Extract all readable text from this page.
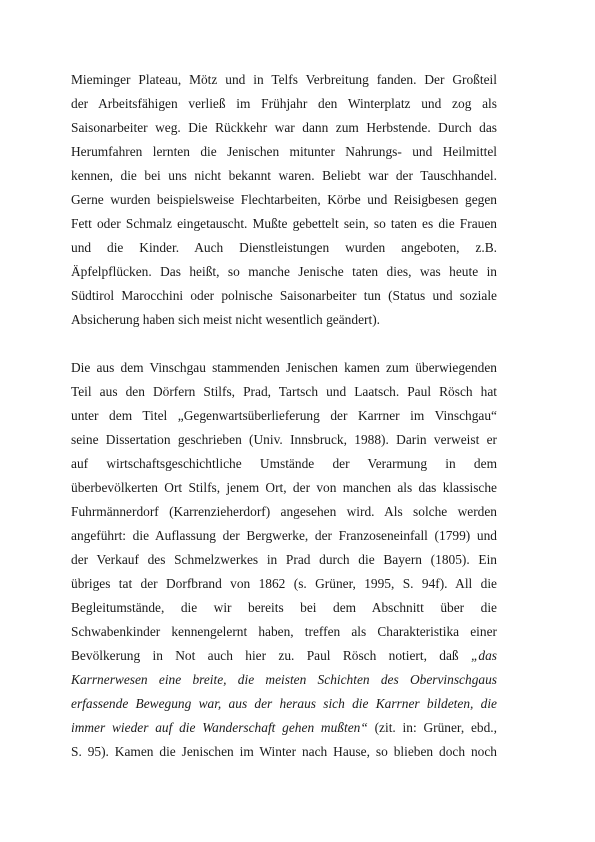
Mieminger Plateau, Mötz und in Telfs Verbreitung fanden. Der Großteil
der Arbeitsfähigen verließ im Frühjahr den Winterplatz und zog als
Saisonarbeiter weg. Die Rückkehr war dann zum Herbstende. Durch das
Herumfahren lernten die Jenischen mitunter Nahrungs- und Heilmittel
kennen, die bei uns nicht bekannt waren. Beliebt war der Tauschhandel.
Gerne wurden beispielsweise Flechtarbeiten, Körbe und Reisigbesen gegen
Fett oder Schmalz eingetauscht. Mußte gebettelt sein, so taten es die Frauen
und die Kinder. Auch Dienstleistungen wurden angeboten, z.B.
Äpfelpflücken. Das heißt, so manche Jenische taten dies, was heute in
Südtirol Marocchini oder polnische Saisonarbeiter tun (Status und soziale
Absicherung haben sich meist nicht wesentlich geändert).
Die aus dem Vinschgau stammenden Jenischen kamen zum überwiegenden
Teil aus den Dörfern Stilfs, Prad, Tartsch und Laatsch. Paul Rösch hat
unter dem Titel „Gegenwartsüberlieferung der Karrner im Vinschgau“
seine Dissertation geschrieben (Univ. Innsbruck, 1988). Darin verweist er
auf wirtschaftsgeschichtliche Umstände der Verarmung in dem
überbevölkerten Ort Stilfs, jenem Ort, der von manchen als das klassische
Fuhrmännerdorf (Karrenzieherdorf) angesehen wird. Als solche werden
angeführt: die Auflassung der Bergwerke, der Franzoseneinfall (1799) und
der Verkauf des Schmelzwerkes in Prad durch die Bayern (1805). Ein
übriges tat der Dorfbrand von 1862 (s. Grüner, 1995, S. 94f). All die
Begleitumstände, die wir bereits bei dem Abschnitt über die
Schwabenkinder kennengelernt haben, treffen als Charakteristika einer
Bevölkerung in Not auch hier zu. Paul Rösch notiert, daß „das
Karrnerwesen eine breite, die meisten Schichten des Obervinschgaus
erfassende Bewegung war, aus der heraus sich die Karrner bildeten, die
immer wieder auf die Wanderschaft gehen mußten“ (zit. in: Grüner, ebd.,
S. 95). Kamen die Jenischen im Winter nach Hause, so blieben doch noch
